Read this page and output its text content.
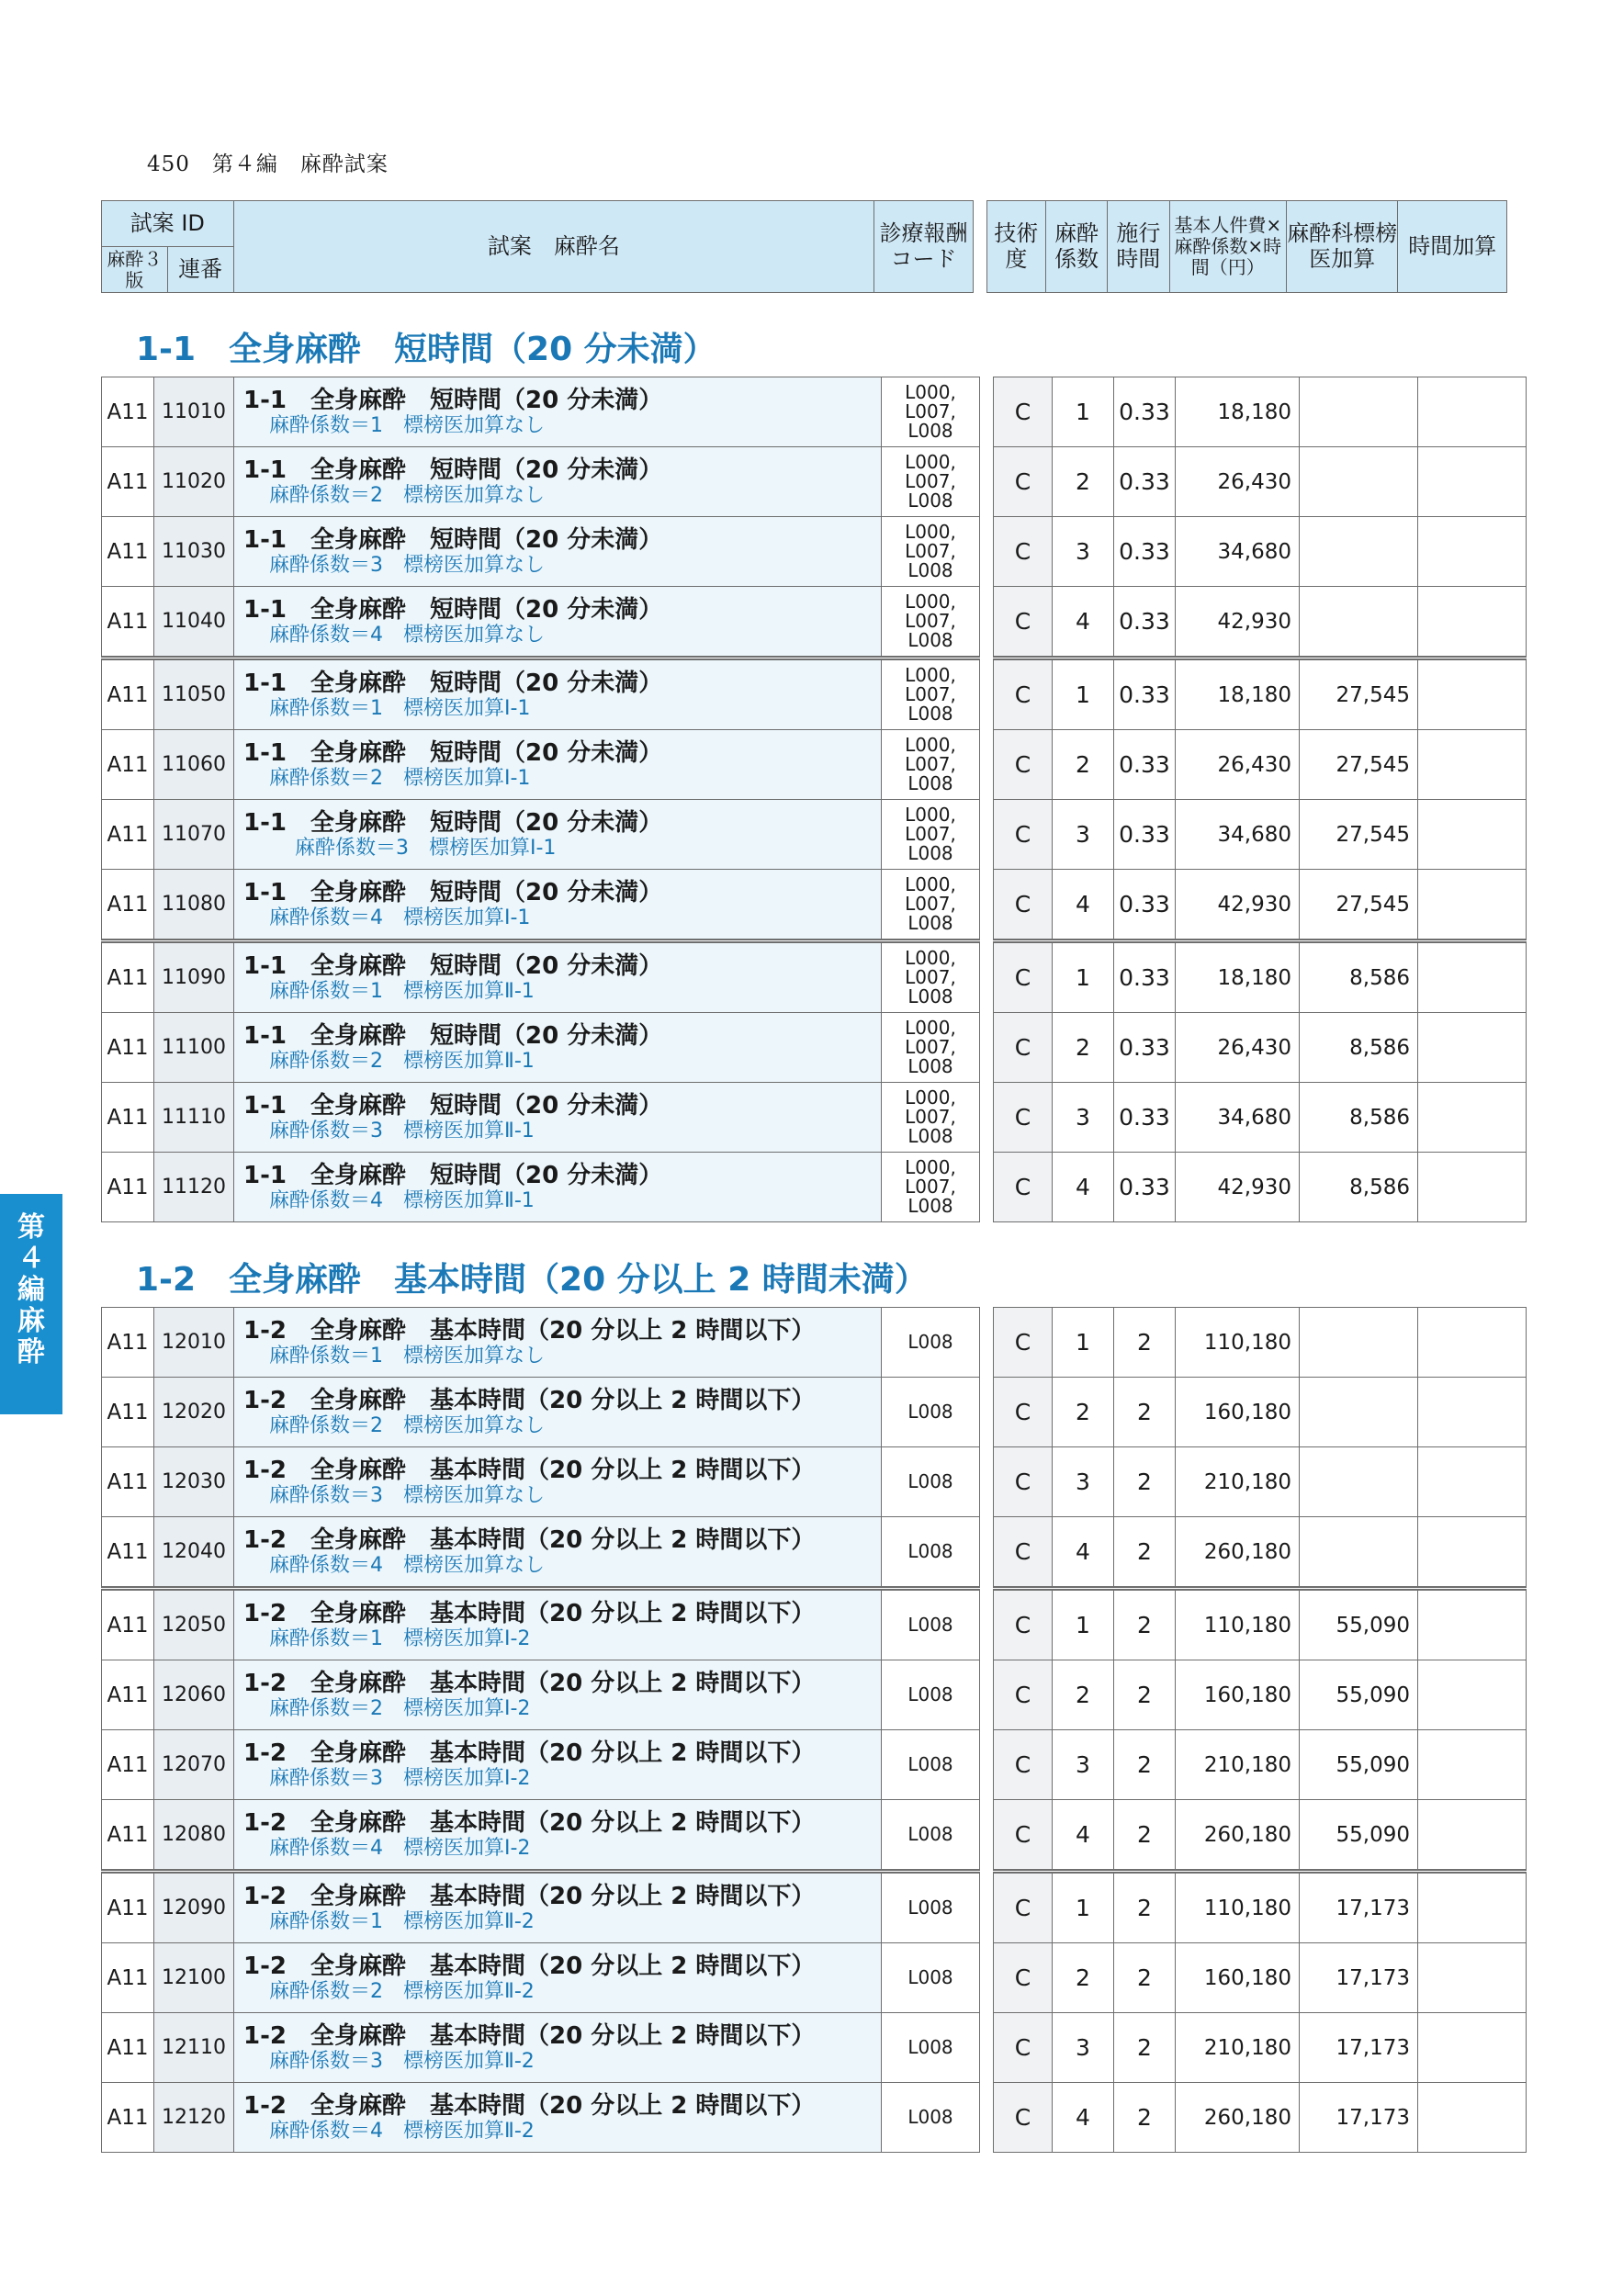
450　第４編　麻酔試案
試案 ID		試案　麻酔名	診療報酬コード		技術度	麻酔係数	施行時間	基本人件費×麻酔係数×時間（円）	麻酔科標榜医加算	時間加算
麻酔３版	連番									
1-1　全身麻酔　短時間（20 分未満）
A11	11010	1-1　全身麻酔　短時間（20 分未満）
麻酔係数＝1　標榜医加算なし	L000, L007, L008		C	1	0.33	18,180		
A11	11020	1-1　全身麻酔　短時間（20 分未満）
麻酔係数＝2　標榜医加算なし	L000, L007, L008		C	2	0.33	26,430		
A11	11030	1-1　全身麻酔　短時間（20 分未満）
麻酔係数＝3　標榜医加算なし	L000, L007, L008		C	3	0.33	34,680		
A11	11040	1-1　全身麻酔　短時間（20 分未満）
麻酔係数＝4　標榜医加算なし	L000, L007, L008		C	4	0.33	42,930		
A11	11050	1-1　全身麻酔　短時間（20 分未満）
麻酔係数＝1　標榜医加算Ⅰ-1	L000, L007, L008		C	1	0.33	18,180	27,545	
A11	11060	1-1　全身麻酔　短時間（20 分未満）
麻酔係数＝2　標榜医加算Ⅰ-1	L000, L007, L008		C	2	0.33	26,430	27,545	
A11	11070	1-1　全身麻酔　短時間（20 分未満）
麻酔係数＝3　標榜医加算Ⅰ-1	L000, L007, L008		C	3	0.33	34,680	27,545	
A11	11080	1-1　全身麻酔　短時間（20 分未満）
麻酔係数＝4　標榜医加算Ⅰ-1	L000, L007, L008		C	4	0.33	42,930	27,545	
A11	11090	1-1　全身麻酔　短時間（20 分未満）
麻酔係数＝1　標榜医加算Ⅱ-1	L000, L007, L008		C	1	0.33	18,180	8,586	
A11	11100	1-1　全身麻酔　短時間（20 分未満）
麻酔係数＝2　標榜医加算Ⅱ-1	L000, L007, L008		C	2	0.33	26,430	8,586	
A11	11110	1-1　全身麻酔　短時間（20 分未満）
麻酔係数＝3　標榜医加算Ⅱ-1	L000, L007, L008		C	3	0.33	34,680	8,586	
A11	11120	1-1　全身麻酔　短時間（20 分未満）
麻酔係数＝4　標榜医加算Ⅱ-1	L000, L007, L008		C	4	0.33	42,930	8,586	
1-2　全身麻酔　基本時間（20 分以上 2 時間未満）
A11	12010	1-2　全身麻酔　基本時間（20 分以上 2 時間以下）
麻酔係数＝1　標榜医加算なし	L008		C	1	2	110,180		
A11	12020	1-2　全身麻酔　基本時間（20 分以上 2 時間以下）
麻酔係数＝2　標榜医加算なし	L008		C	2	2	160,180		
A11	12030	1-2　全身麻酔　基本時間（20 分以上 2 時間以下）
麻酔係数＝3　標榜医加算なし	L008		C	3	2	210,180		
A11	12040	1-2　全身麻酔　基本時間（20 分以上 2 時間以下）
麻酔係数＝4　標榜医加算なし	L008		C	4	2	260,180		
A11	12050	1-2　全身麻酔　基本時間（20 分以上 2 時間以下）
麻酔係数＝1　標榜医加算Ⅰ-2	L008		C	1	2	110,180	55,090	
A11	12060	1-2　全身麻酔　基本時間（20 分以上 2 時間以下）
麻酔係数＝2　標榜医加算Ⅰ-2	L008		C	2	2	160,180	55,090	
A11	12070	1-2　全身麻酔　基本時間（20 分以上 2 時間以下）
麻酔係数＝3　標榜医加算Ⅰ-2	L008		C	3	2	210,180	55,090	
A11	12080	1-2　全身麻酔　基本時間（20 分以上 2 時間以下）
麻酔係数＝4　標榜医加算Ⅰ-2	L008		C	4	2	260,180	55,090	
A11	12090	1-2　全身麻酔　基本時間（20 分以上 2 時間以下）
麻酔係数＝1　標榜医加算Ⅱ-2	L008		C	1	2	110,180	17,173	
A11	12100	1-2　全身麻酔　基本時間（20 分以上 2 時間以下）
麻酔係数＝2　標榜医加算Ⅱ-2	L008		C	2	2	160,180	17,173	
A11	12110	1-2　全身麻酔　基本時間（20 分以上 2 時間以下）
麻酔係数＝3　標榜医加算Ⅱ-2	L008		C	3	2	210,180	17,173	
A11	12120	1-2　全身麻酔　基本時間（20 分以上 2 時間以下）
麻酔係数＝4　標榜医加算Ⅱ-2	L008		C	4	2	260,180	17,173	
第
４
編
麻
酔
